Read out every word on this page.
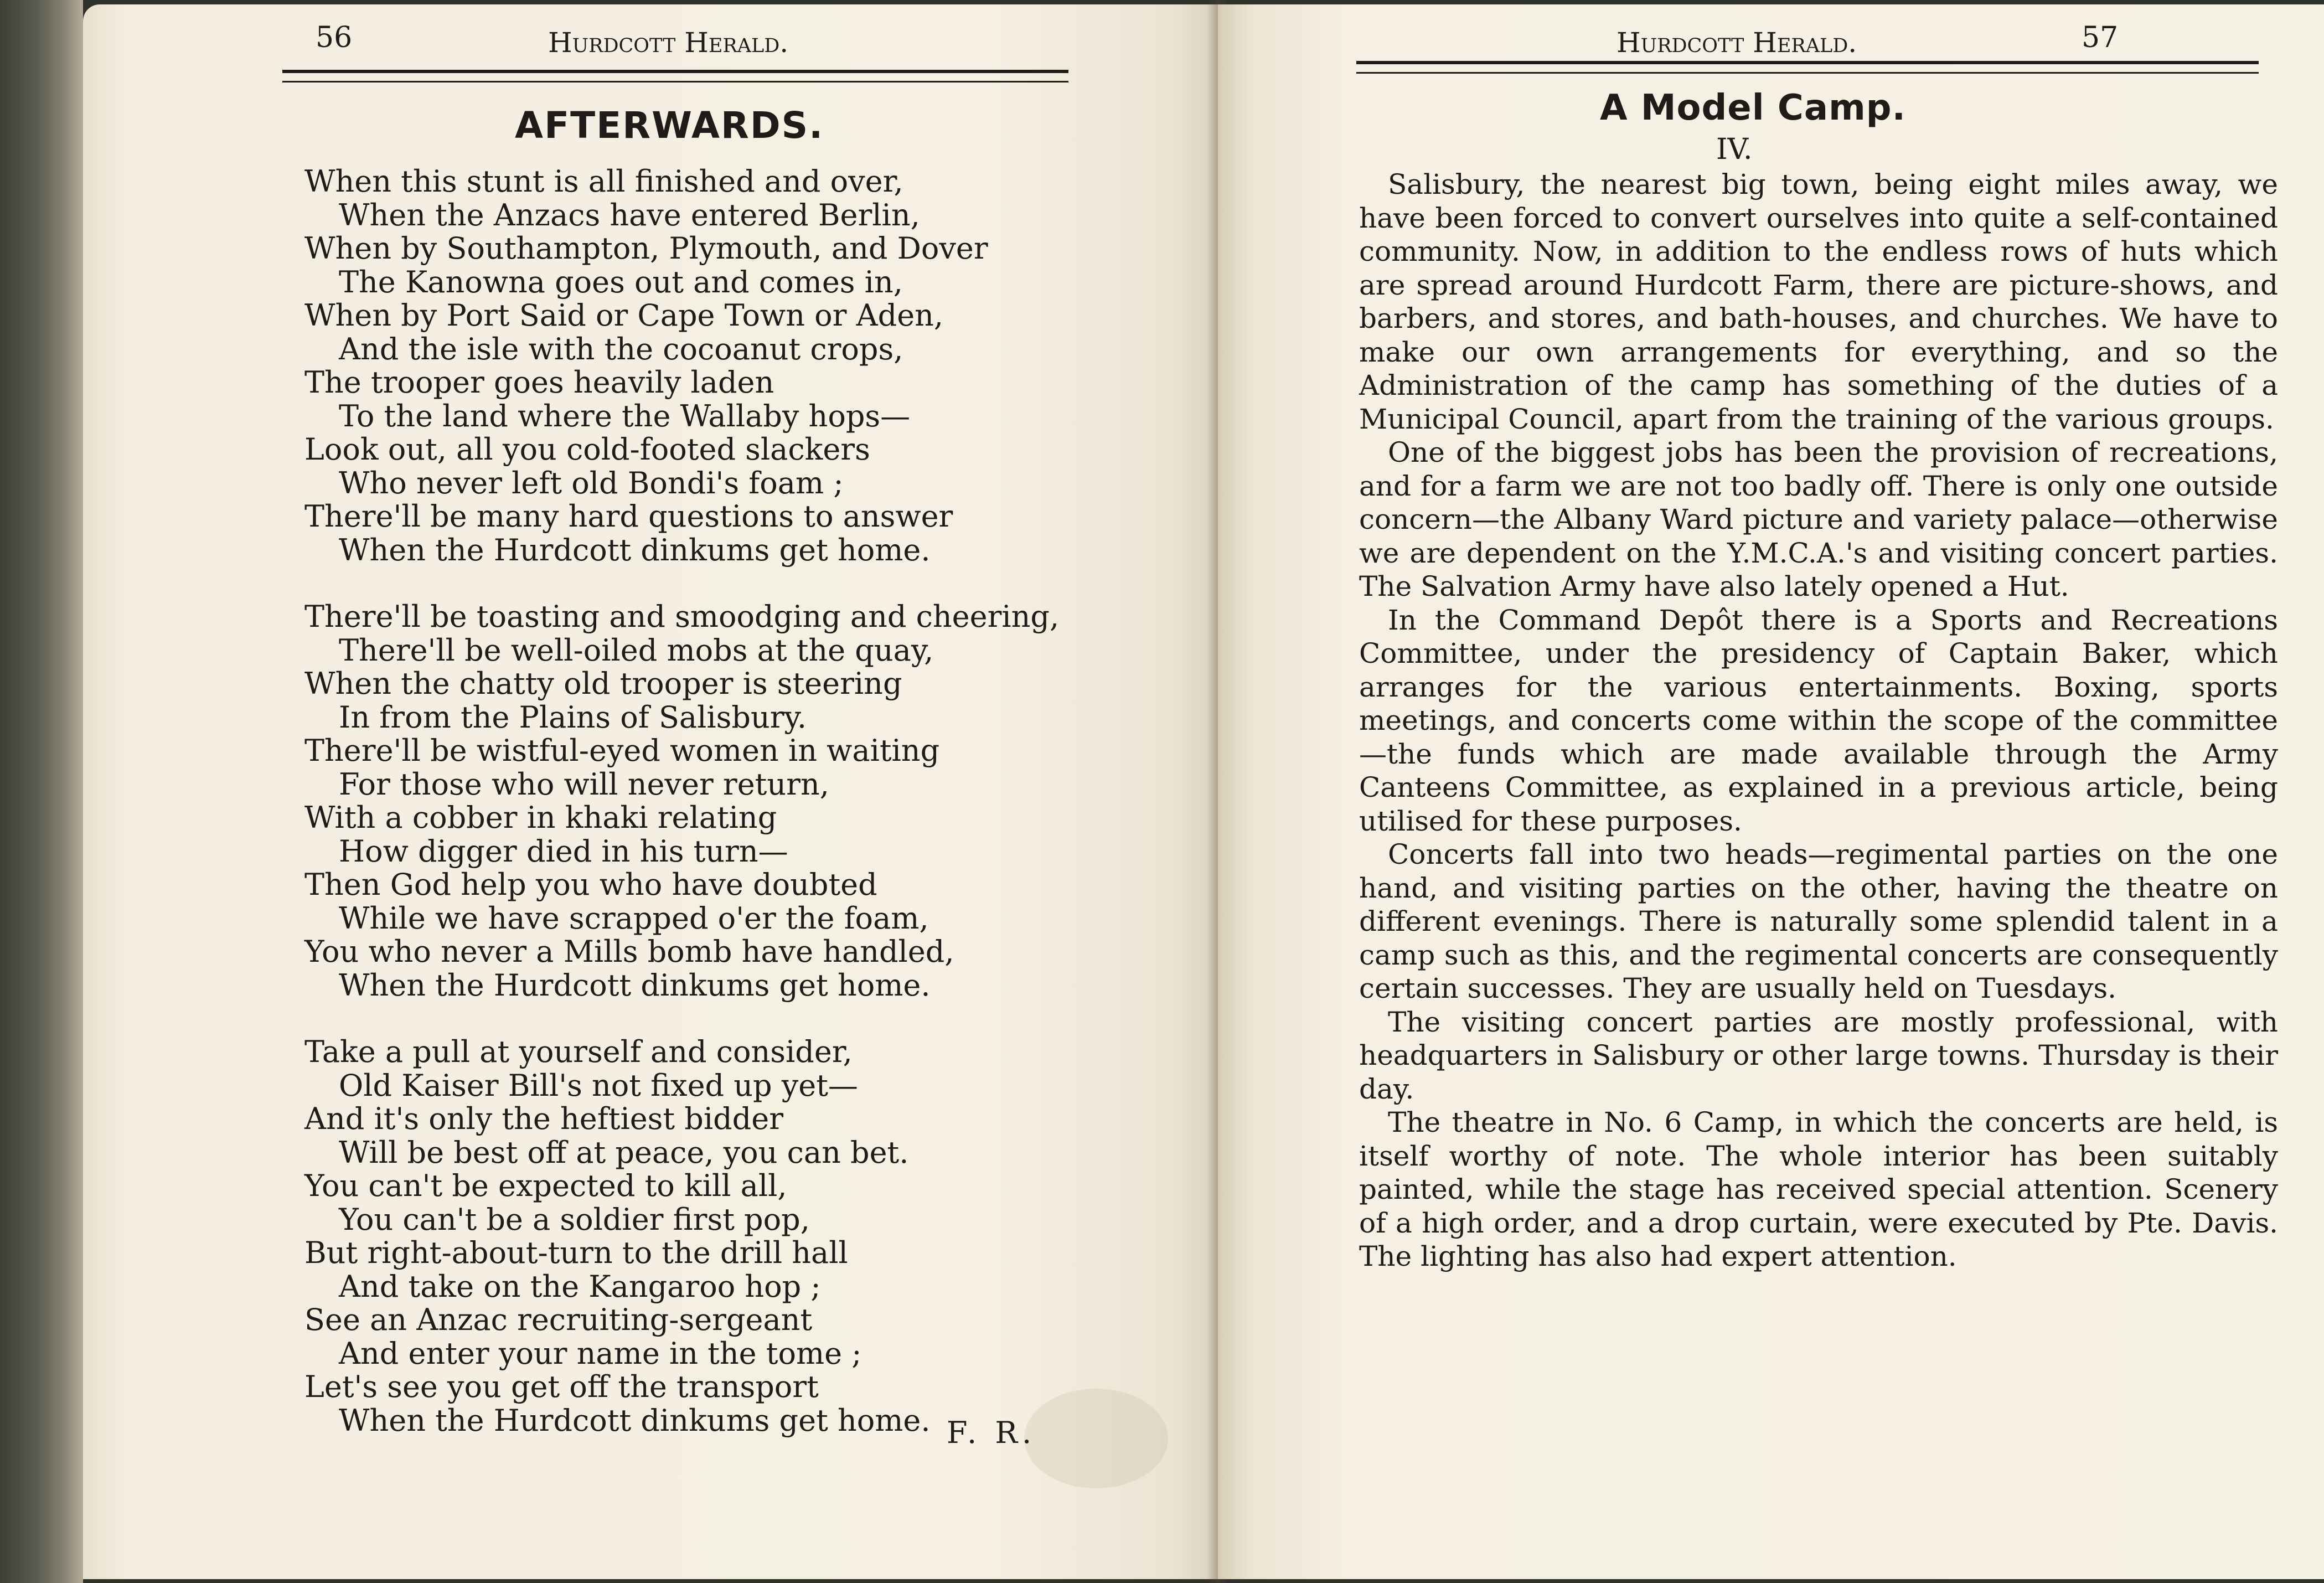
56	Hurdcott Herald.
AFTERWARDS.
When this stunt is all finished and over,
When the Anzacs have entered Berlin,
When by Southampton, Plymouth, and Dover
The Kanowna goes out and comes in,
When by Port Said or Cape Town or Aden,
And the isle with the cocoanut crops,
The trooper goes heavily laden
To the land where the Wallaby hops—
Look out, all you cold-footed slackers
Who never left old Bondi's foam ;
There'll be many hard questions to answer
When the Hurdcott dinkums get home.
There'll be toasting and smoodging and cheering,
There'll be well-oiled mobs at the quay,
When the chatty old trooper is steering
In from the Plains of Salisbury.
There'll be wistful-eyed women in waiting
For those who will never return,
With a cobber in khaki relating
How digger died in his turn—
Then God help you who have doubted
While we have scrapped o'er the foam,
You who never a Mills bomb have handled,
When the Hurdcott dinkums get home.
Take a pull at yourself and consider,
Old Kaiser Bill's not fixed up yet—
And it's only the heftiest bidder
Will be best off at peace, you can bet.
You can't be expected to kill all,
You can't be a soldier first pop,
But right-about-turn to the drill hall
And take on the Kangaroo hop ;
See an Anzac recruiting-sergeant
And enter your name in the tome ;
Let's see you get off the transport
When the Hurdcott dinkums get home. F. R.
Hurdcott Herald.	57
A Model Camp.
IV.

Salisbury, the nearest big town, being eight miles away, we have been forced to convert ourselves into quite a self-contained community. Now, in addition to the endless rows of huts which are spread around Hurdcott Farm, there are picture-shows, and barbers, and stores, and bath-houses, and churches. We have to make our own arrangements for everything, and so the Administration of the camp has something of the duties of a Municipal Council, apart from the training of the various groups.

One of the biggest jobs has been the provision of recreations, and for a farm we are not too badly off. There is only one outside concern—the Albany Ward picture and variety palace—otherwise we are dependent on the Y.M.C.A.'s and visiting concert parties. The Salvation Army have also lately opened a Hut.

In the Command Depôt there is a Sports and Recreations Committee, under the presidency of Captain Baker, which arranges for the various entertainments. Boxing, sports meetings, and concerts come within the scope of the committee—the funds which are made available through the Army Canteens Committee, as explained in a previous article, being utilised for these purposes.

Concerts fall into two heads—regimental parties on the one hand, and visiting parties on the other, having the theatre on different evenings. There is naturally some splendid talent in a camp such as this, and the regimental concerts are consequently certain successes. They are usually held on Tuesdays.

The visiting concert parties are mostly professional, with headquarters in Salisbury or other large towns. Thursday is their day.

The theatre in No. 6 Camp, in which the concerts are held, is itself worthy of note. The whole interior has been suitably painted, while the stage has received special attention. Scenery of a high order, and a drop curtain, were executed by Pte. Davis. The lighting has also had expert attention.
